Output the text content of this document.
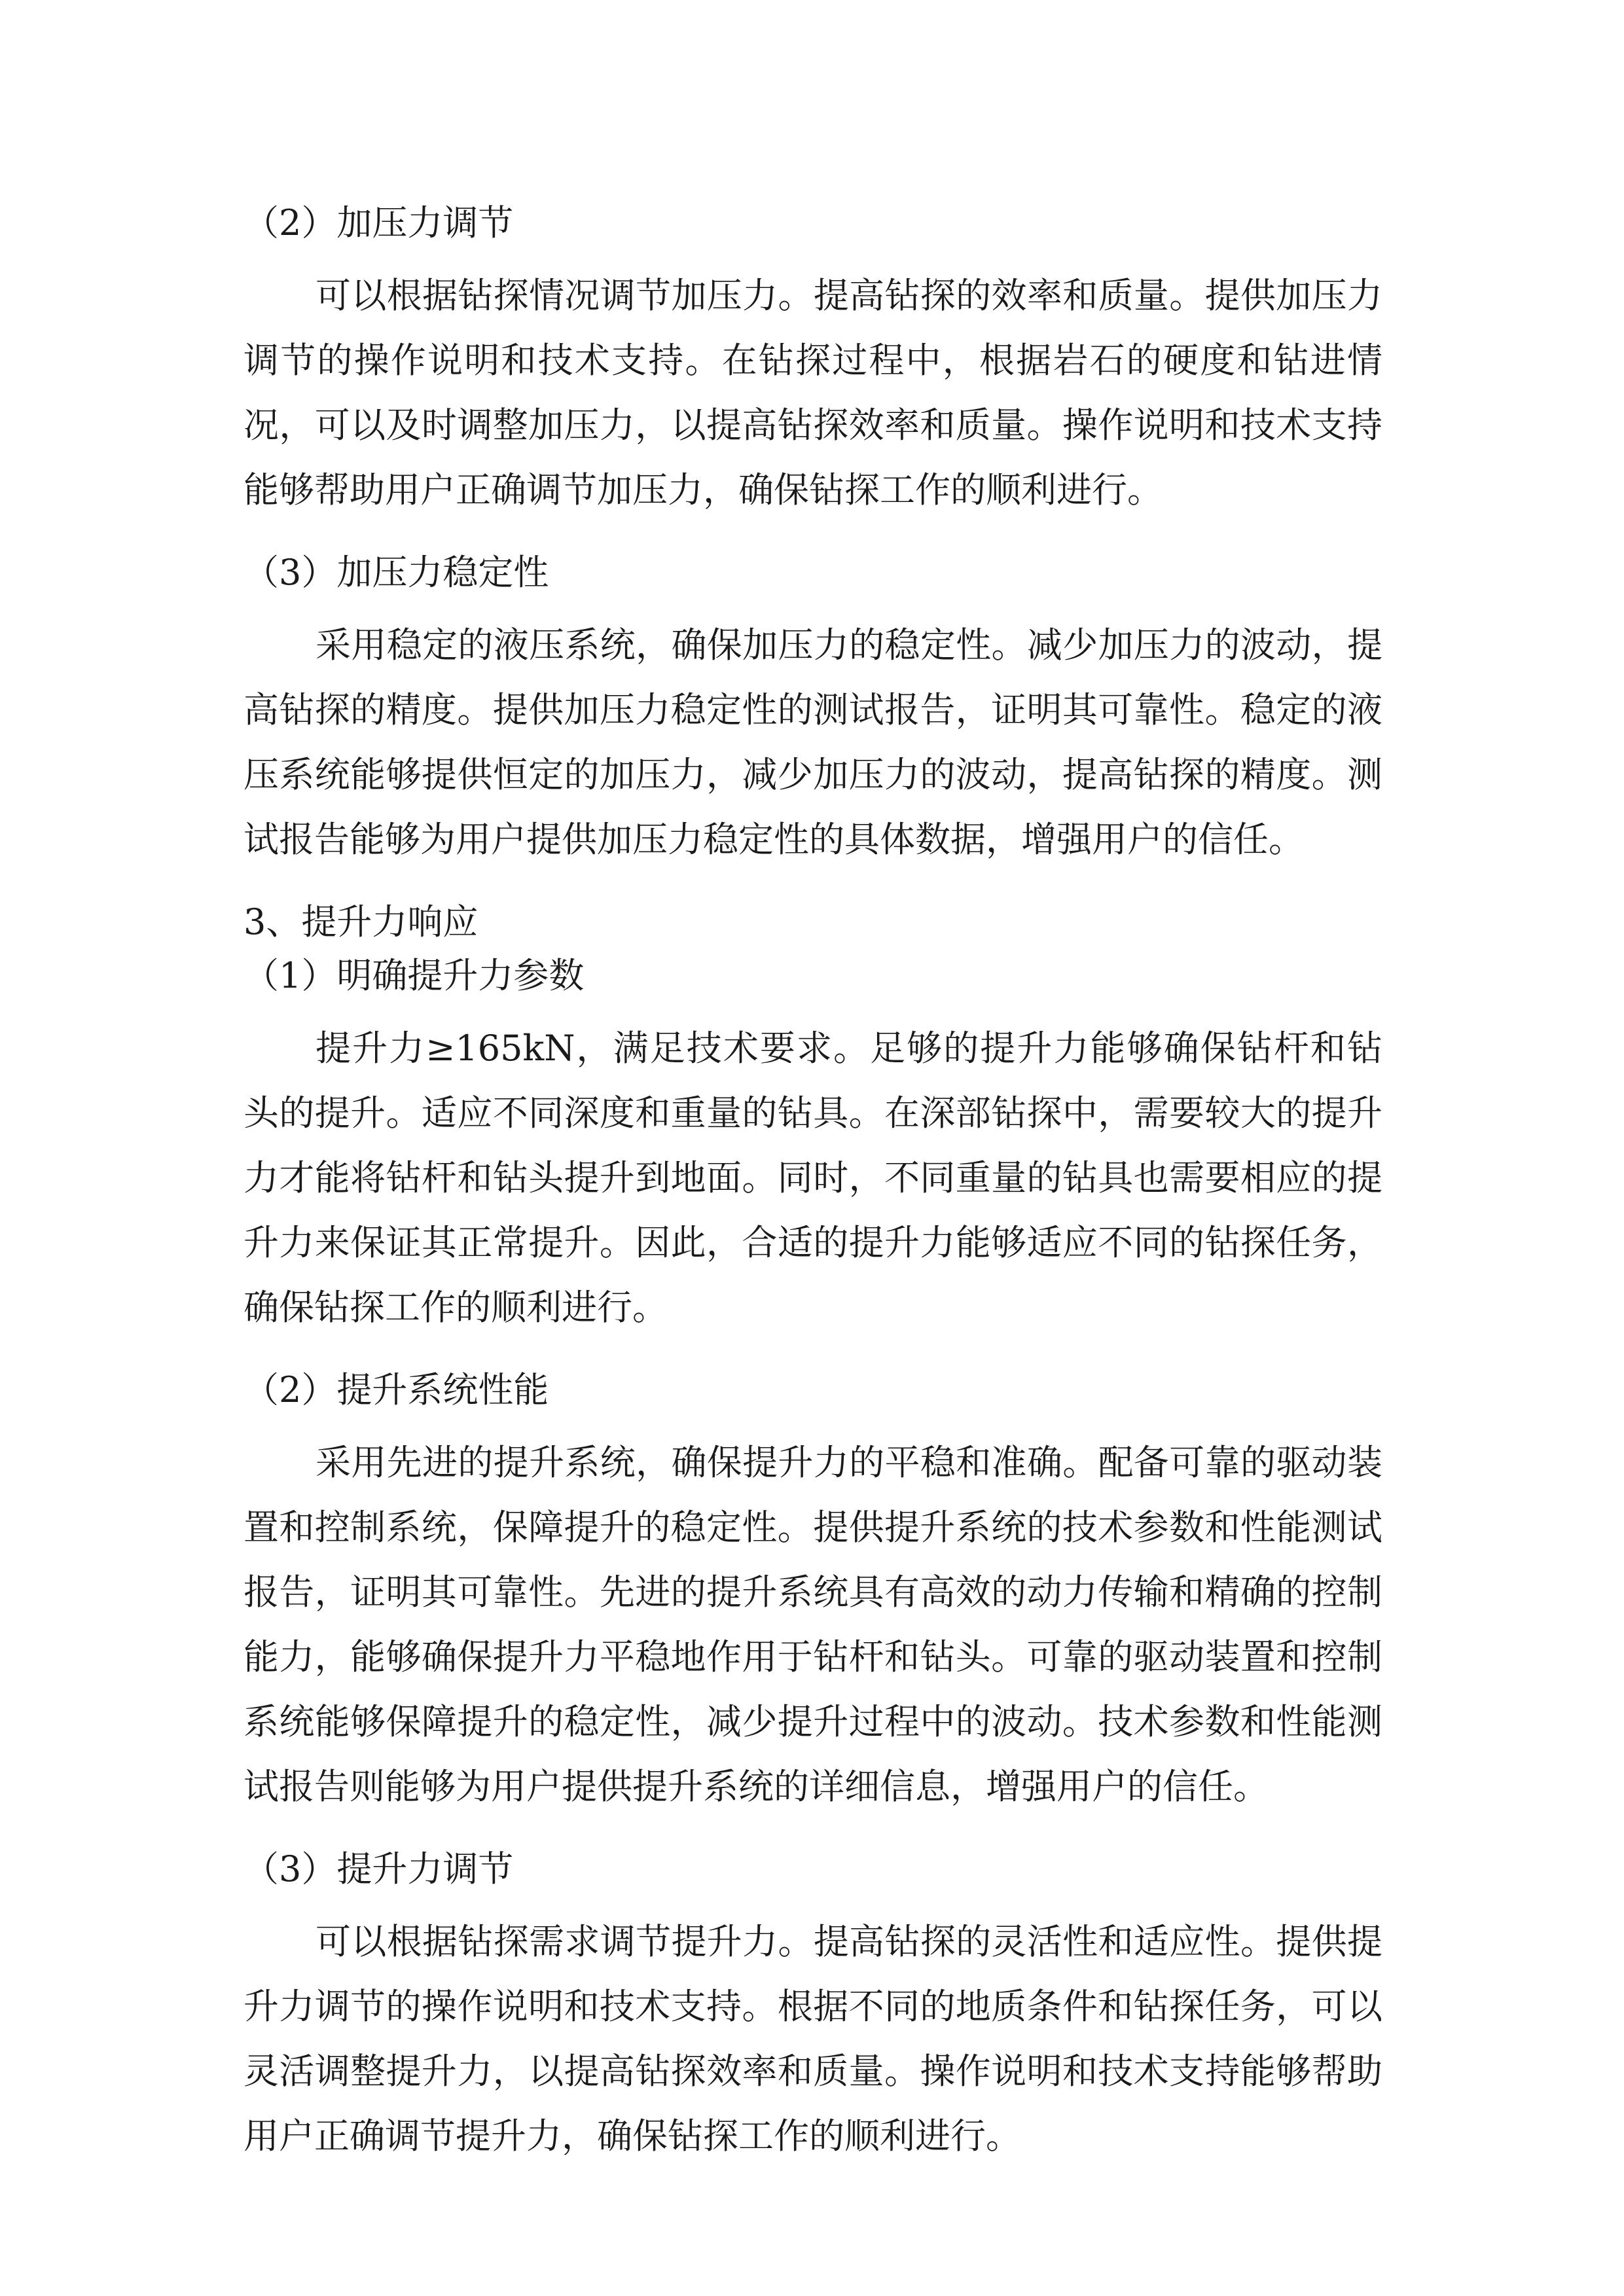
（2）加压力调节

可以根据钻探情况调节加压力。提高钻探的效率和质量。提供加压力调节的操作说明和技术支持。在钻探过程中，根据岩石的硬度和钻进情况，可以及时调整加压力，以提高钻探效率和质量。操作说明和技术支持能够帮助用户正确调节加压力，确保钻探工作的顺利进行。

（3）加压力稳定性

采用稳定的液压系统，确保加压力的稳定性。减少加压力的波动，提高钻探的精度。提供加压力稳定性的测试报告，证明其可靠性。稳定的液压系统能够提供恒定的加压力，减少加压力的波动，提高钻探的精度。测试报告能够为用户提供加压力稳定性的具体数据，增强用户的信任。

3、提升力响应
（1）明确提升力参数

提升力≥165kN，满足技术要求。足够的提升力能够确保钻杆和钻头的提升。适应不同深度和重量的钻具。在深部钻探中，需要较大的提升力才能将钻杆和钻头提升到地面。同时，不同重量的钻具也需要相应的提升力来保证其正常提升。因此，合适的提升力能够适应不同的钻探任务，确保钻探工作的顺利进行。

（2）提升系统性能

采用先进的提升系统，确保提升力的平稳和准确。配备可靠的驱动装置和控制系统，保障提升的稳定性。提供提升系统的技术参数和性能测试报告，证明其可靠性。先进的提升系统具有高效的动力传输和精确的控制能力，能够确保提升力平稳地作用于钻杆和钻头。可靠的驱动装置和控制系统能够保障提升的稳定性，减少提升过程中的波动。技术参数和性能测试报告则能够为用户提供提升系统的详细信息，增强用户的信任。

（3）提升力调节

可以根据钻探需求调节提升力。提高钻探的灵活性和适应性。提供提升力调节的操作说明和技术支持。根据不同的地质条件和钻探任务，可以灵活调整提升力，以提高钻探效率和质量。操作说明和技术支持能够帮助用户正确调节提升力，确保钻探工作的顺利进行。
